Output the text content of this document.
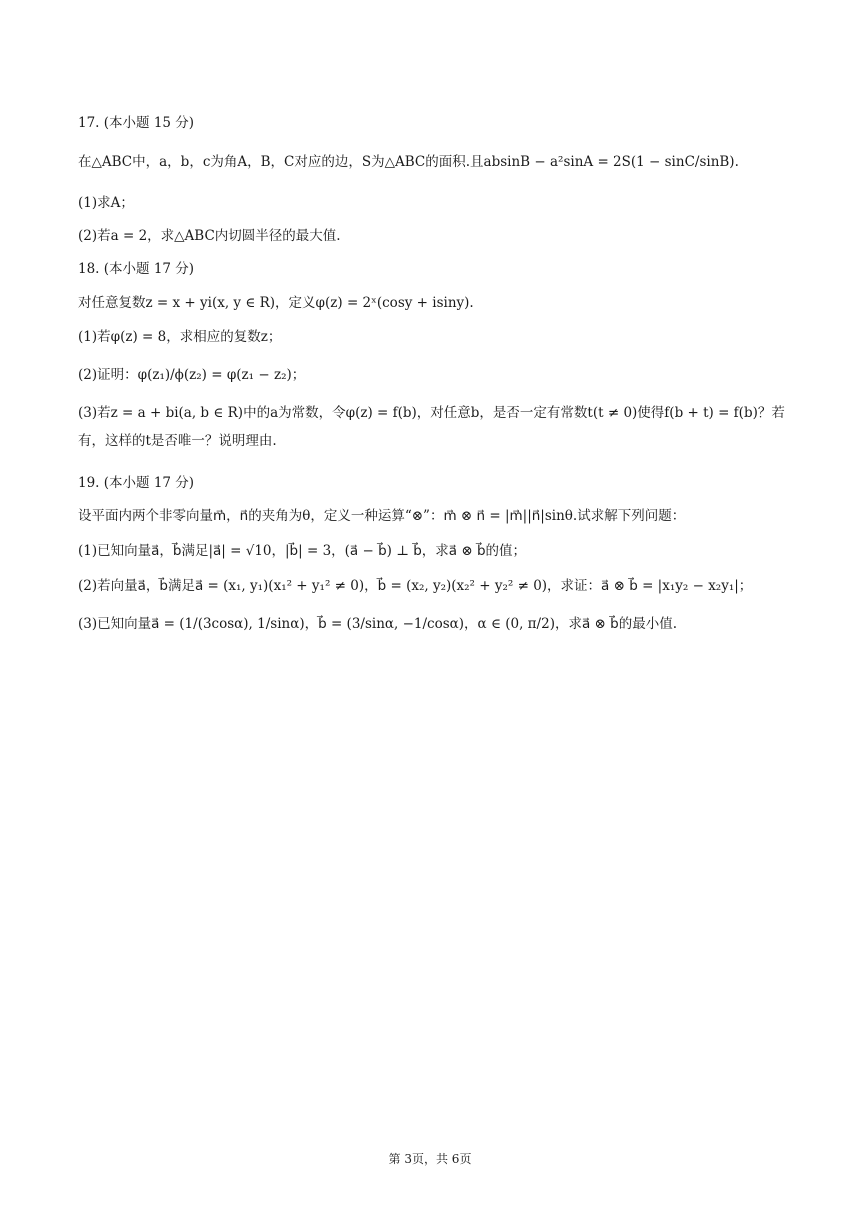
17. (本小题 15 分)
在△ABC中，a，b，c为角A，B，C对应的边，S为△ABC的面积.且absinB − a²sinA = 2S(1 − sinC/sinB).
(1)求A；
(2)若a = 2，求△ABC内切圆半径的最大值.
18. (本小题 17 分)
对任意复数z = x + yi(x, y ∈ R)，定义φ(z) = 2ˣ(cosy + isiny).
(1)若φ(z) = 8，求相应的复数z；
(2)证明：φ(z₁)/ϕ(z₂) = φ(z₁ − z₂)；
(3)若z = a + bi(a, b ∈ R)中的a为常数，令φ(z) = f(b)，对任意b，是否一定有常数t(t ≠ 0)使得f(b + t) = f(b)？若有，这样的t是否唯一？说明理由.
19. (本小题 17 分)
设平面内两个非零向量m⃗，n⃗的夹角为θ，定义一种运算“⊗”：m⃗ ⊗ n⃗ = |m⃗||n⃗|sinθ.试求解下列问题：
(1)已知向量a⃗，b⃗满足|a⃗| = √10，|b⃗| = 3，(a⃗ − b⃗) ⊥ b⃗，求a⃗ ⊗ b⃗的值；
(2)若向量a⃗，b⃗满足a⃗ = (x₁, y₁)(x₁² + y₁² ≠ 0)，b⃗ = (x₂, y₂)(x₂² + y₂² ≠ 0)，求证：a⃗ ⊗ b⃗ = |x₁y₂ − x₂y₁|；
(3)已知向量a⃗ = (1/(3cosα), 1/sinα)，b⃗ = (3/sinα, −1/cosα)，α ∈ (0, π/2)，求a⃗ ⊗ b⃗的最小值.
第 3页，共 6页
